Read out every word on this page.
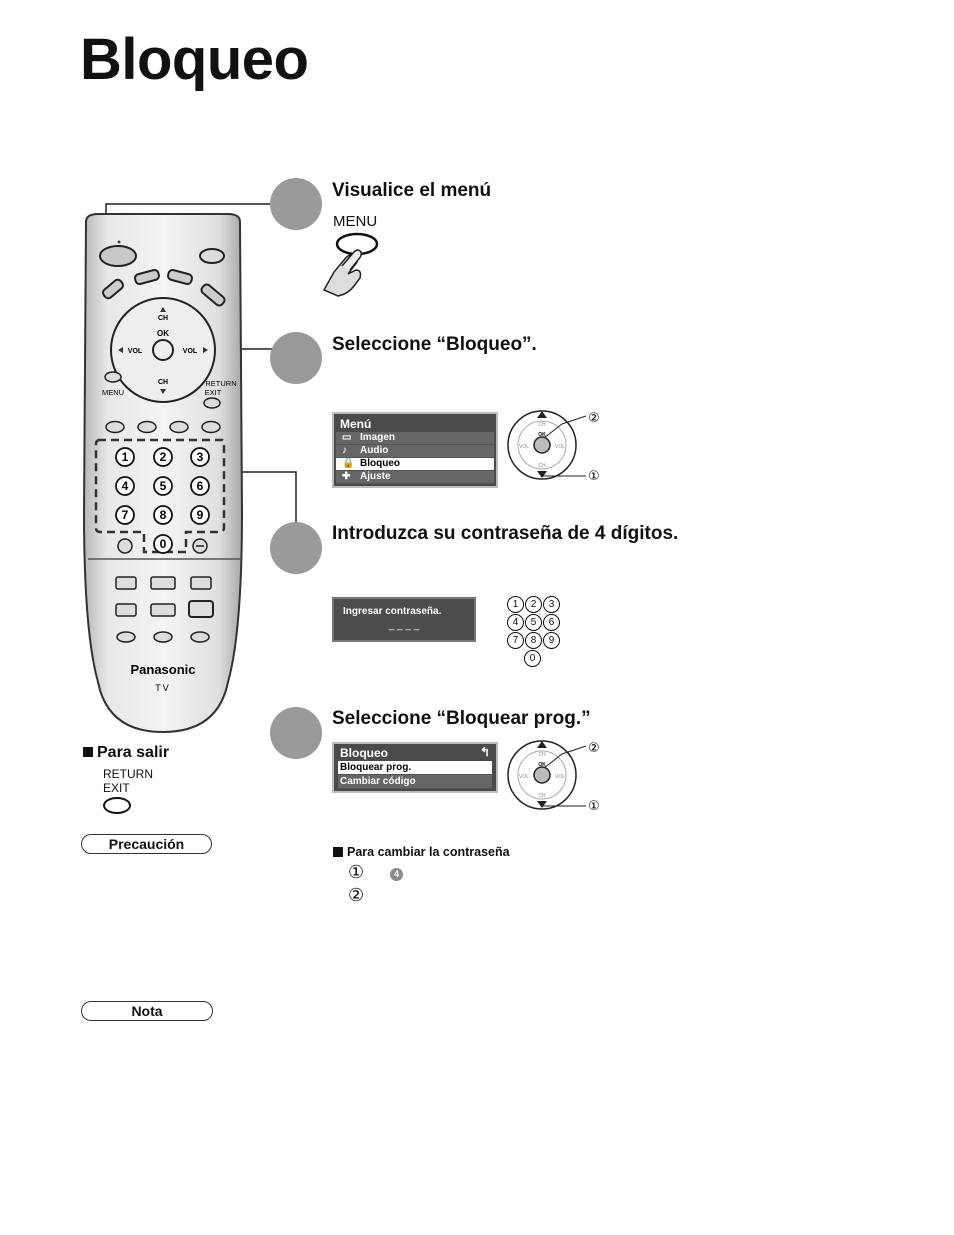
Bloqueo
CH
OK
CH
VOL	VOL
MENU
RETURN
EXIT
1	2	3
4	5	6
7	8	9
0
Panasonic
TV
Visualice el menú
MENU
Seleccione “Bloqueo”.
Menú
▭ Imagen
♪ Audio
🔒 Bloqueo
✚ Ajuste
CH
OK
CH
VOL	VOL
②
①
Introduzca su contraseña de 4 dígitos.
Ingresar contraseña.
_ _ _ _
1	2	3
4	5	6
7	8	9
0
Seleccione “Bloquear prog.”
Bloqueo	↰
Bloquear prog.
Cambiar código
CH
OK
CH
VOL	VOL
②
①
Para salir
RETURN
EXIT
Precaución
Nota
Para cambiar la contraseña
①	4
②
